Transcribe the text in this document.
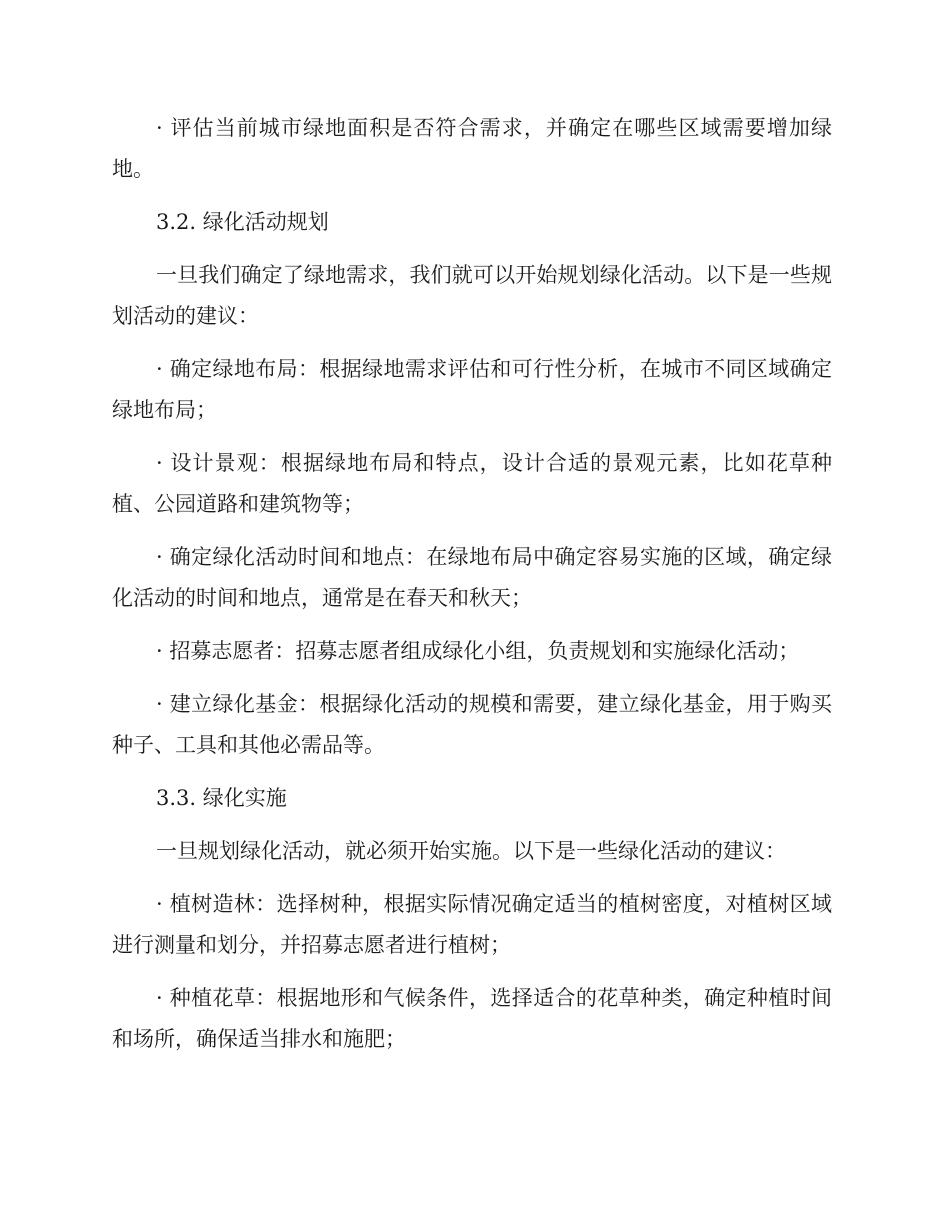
· 评估当前城市绿地面积是否符合需求，并确定在哪些区域需要增加绿地。

3.2. 绿化活动规划

一旦我们确定了绿地需求，我们就可以开始规划绿化活动。以下是一些规划活动的建议：

· 确定绿地布局：根据绿地需求评估和可行性分析，在城市不同区域确定绿地布局；

· 设计景观：根据绿地布局和特点，设计合适的景观元素，比如花草种植、公园道路和建筑物等；

· 确定绿化活动时间和地点：在绿地布局中确定容易实施的区域，确定绿化活动的时间和地点，通常是在春天和秋天；

· 招募志愿者：招募志愿者组成绿化小组，负责规划和实施绿化活动；

· 建立绿化基金：根据绿化活动的规模和需要，建立绿化基金，用于购买种子、工具和其他必需品等。

3.3. 绿化实施

一旦规划绿化活动，就必须开始实施。以下是一些绿化活动的建议：

· 植树造林：选择树种，根据实际情况确定适当的植树密度，对植树区域进行测量和划分，并招募志愿者进行植树；

· 种植花草：根据地形和气候条件，选择适合的花草种类，确定种植时间和场所，确保适当排水和施肥；
